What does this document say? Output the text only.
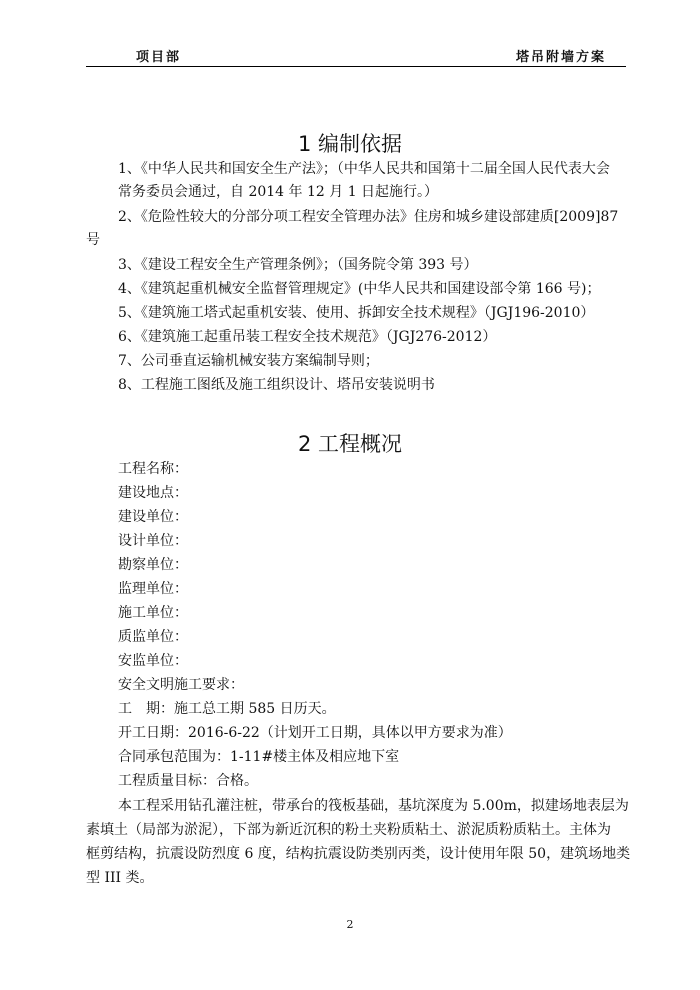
项目部	塔吊附墙方案
1 编制依据
1、《中华人民共和国安全生产法》；（中华人民共和国第十二届全国人民代表大会
常务委员会通过，自 2014 年 12 月 1 日起施行。）
2、《危险性较大的分部分项工程安全管理办法》住房和城乡建设部建质[2009]87
号
3、《建设工程安全生产管理条例》；（国务院令第 393 号）
4、《建筑起重机械安全监督管理规定》(中华人民共和国建设部令第 166 号)；
5、《建筑施工塔式起重机安装、使用、拆卸安全技术规程》（JGJ196-2010）
6、《建筑施工起重吊装工程安全技术规范》（JGJ276-2012）
7、公司垂直运输机械安装方案编制导则；
8、工程施工图纸及施工组织设计、塔吊安装说明书
2 工程概况
工程名称：
建设地点：
建设单位：
设计单位：
勘察单位：
监理单位：
施工单位：
质监单位：
安监单位：
安全文明施工要求：
工　期：施工总工期 585 日历天。
开工日期：2016-6-22（计划开工日期，具体以甲方要求为准）
合同承包范围为：1-11#楼主体及相应地下室
工程质量目标：合格。
本工程采用钻孔灌注桩，带承台的筏板基础，基坑深度为 5.00m，拟建场地表层为
素填土（局部为淤泥），下部为新近沉积的粉土夹粉质粘土、淤泥质粉质粘土。主体为
框剪结构，抗震设防烈度 6 度，结构抗震设防类别丙类，设计使用年限 50，建筑场地类
型 III 类。
2
